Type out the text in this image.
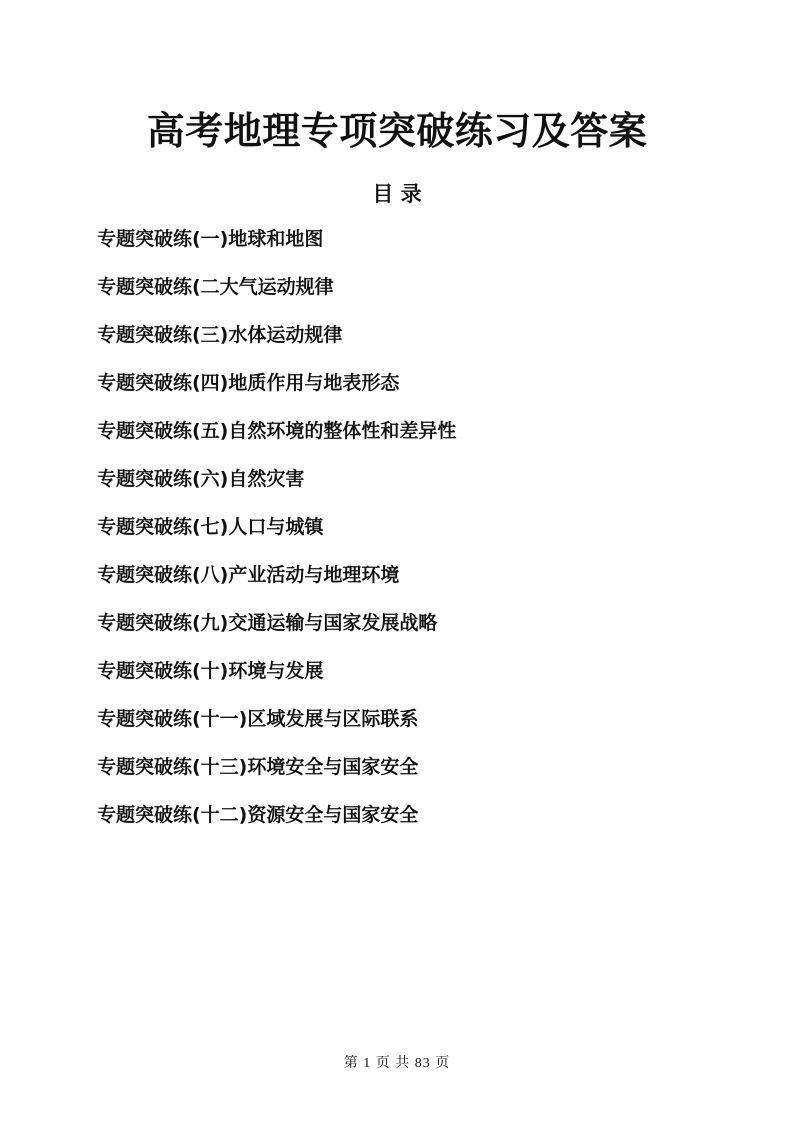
高考地理专项突破练习及答案
目 录
专题突破练(一)地球和地图
专题突破练(二大气运动规律
专题突破练(三)水体运动规律
专题突破练(四)地质作用与地表形态
专题突破练(五)自然环境的整体性和差异性
专题突破练(六)自然灾害
专题突破练(七)人口与城镇
专题突破练(八)产业活动与地理环境
专题突破练(九)交通运输与国家发展战略
专题突破练(十)环境与发展
专题突破练(十一)区域发展与区际联系
专题突破练(十三)环境安全与国家安全
专题突破练(十二)资源安全与国家安全
第 1 页 共 83 页
